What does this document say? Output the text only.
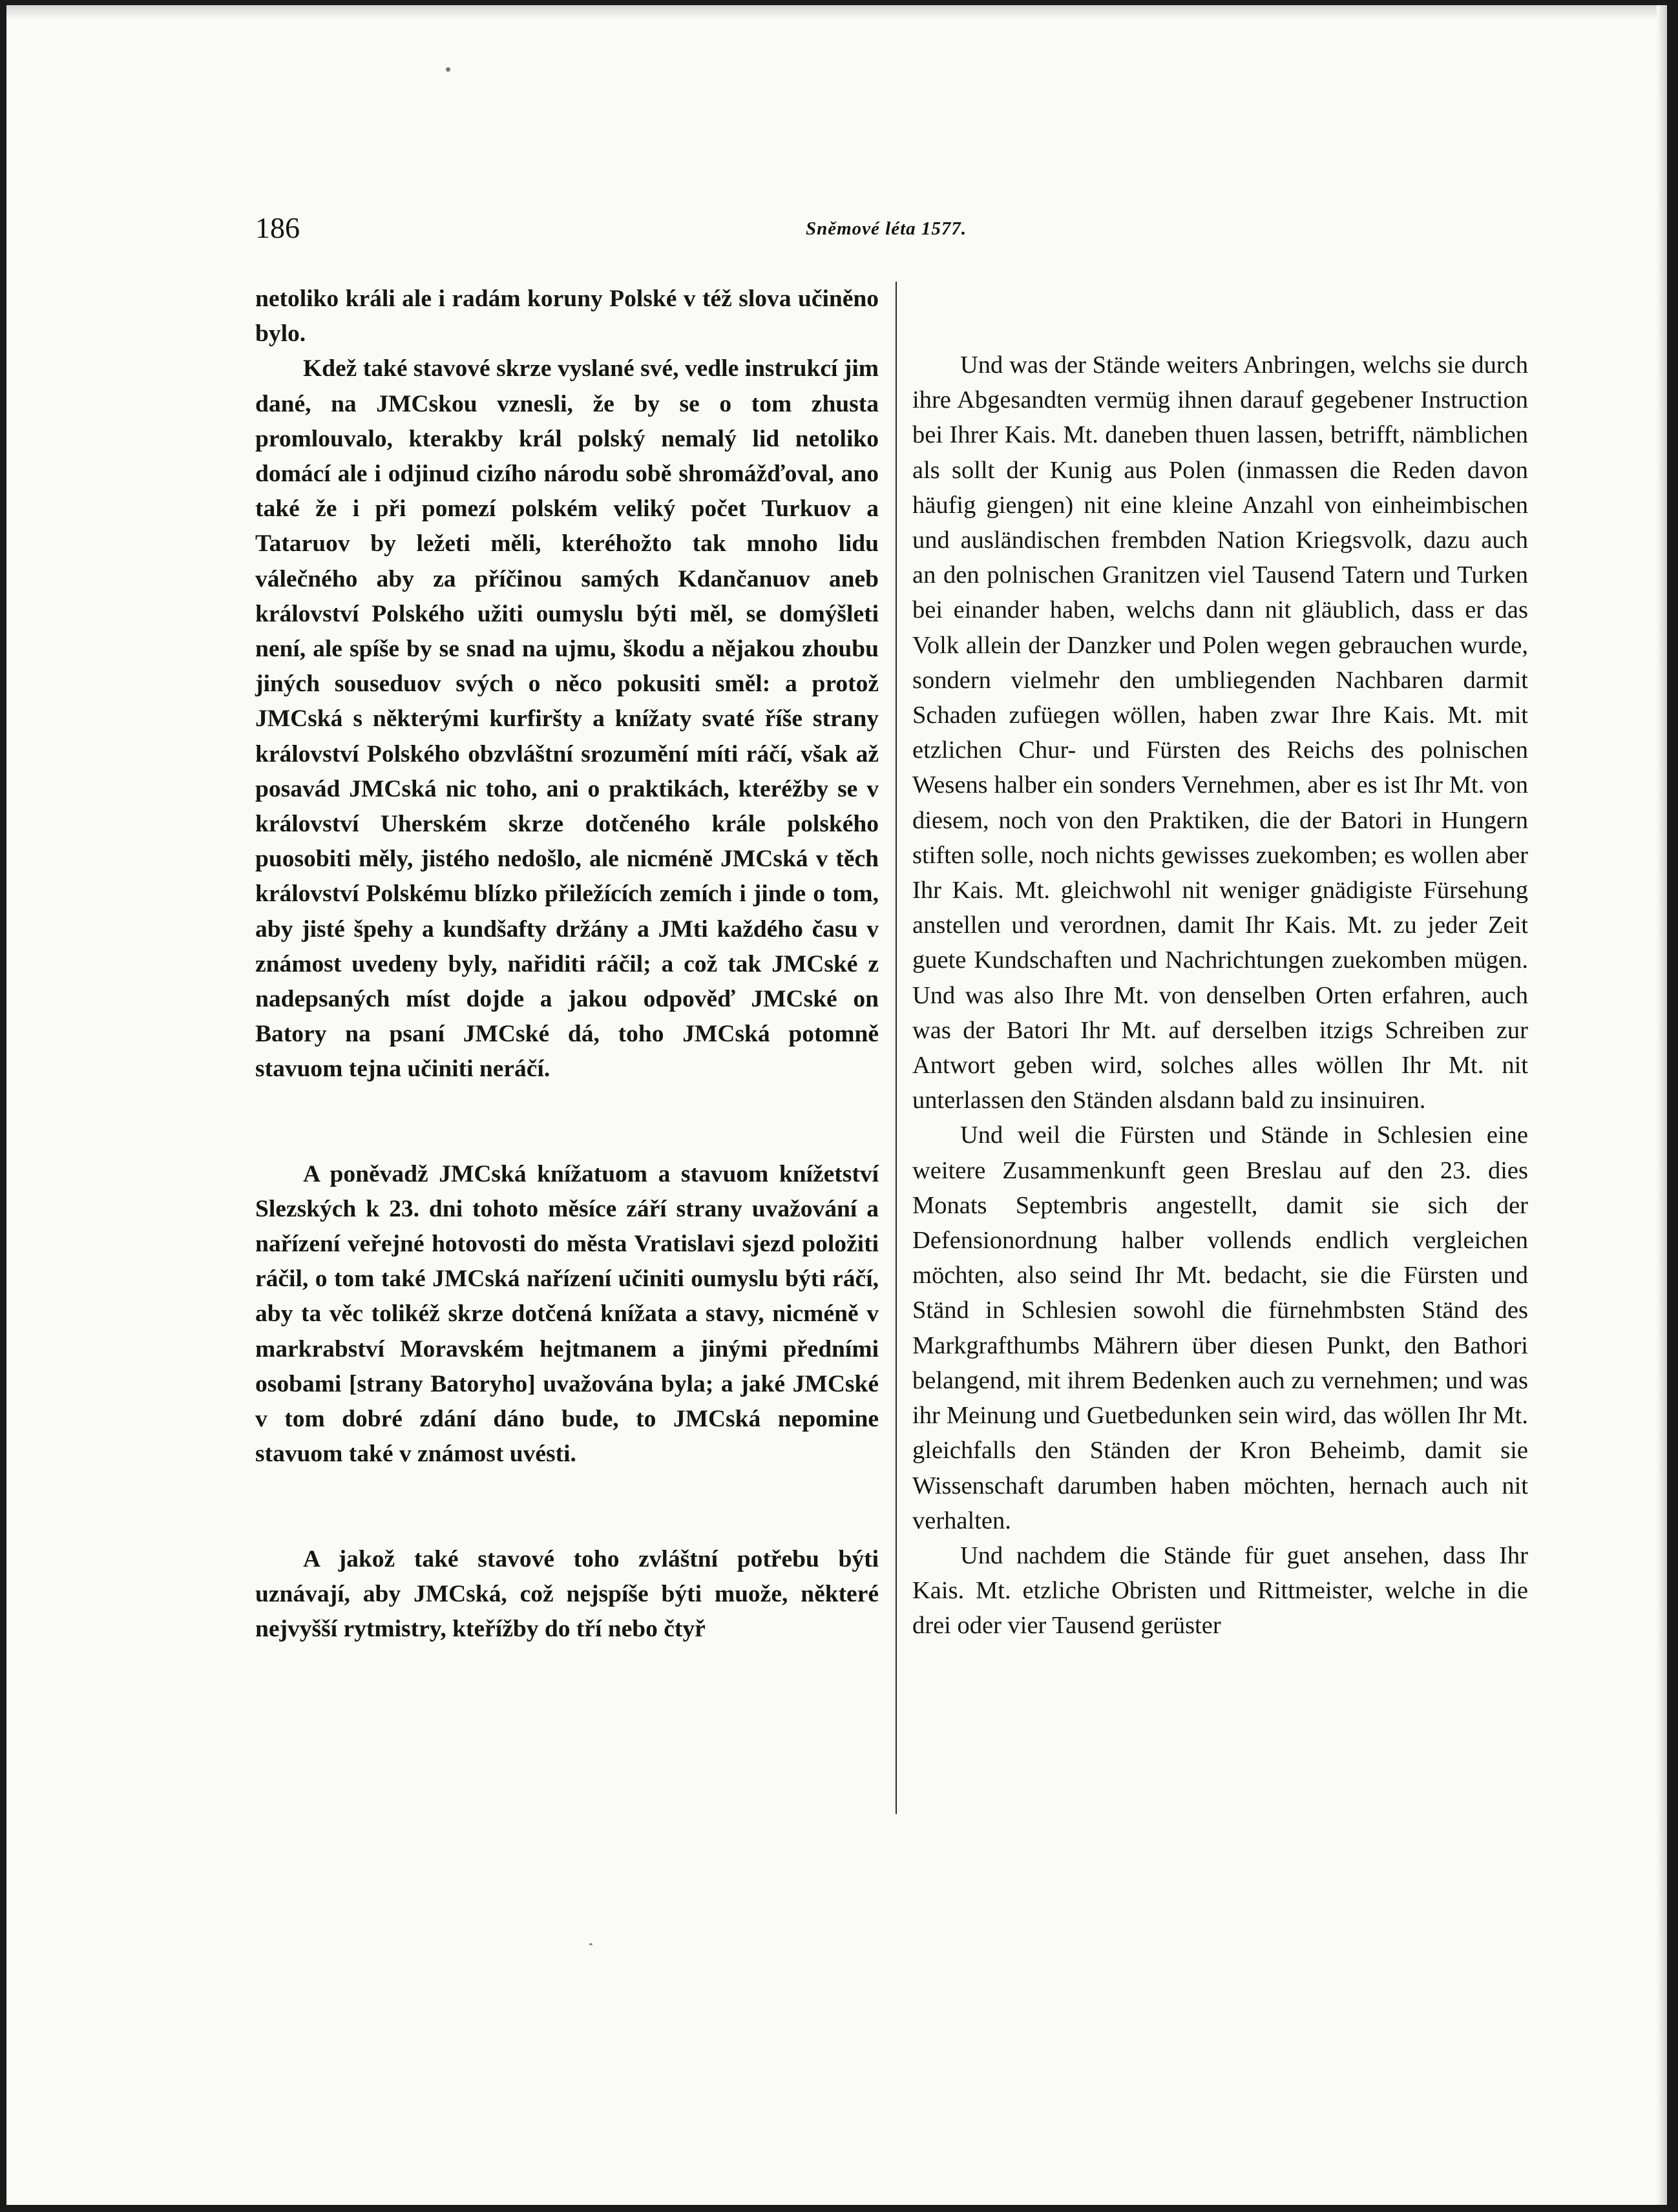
186	Sněmové léta 1577.

netoliko králi ale i radám koruny Polské v též slova učiněno bylo.

Kdež také stavové skrze vyslané své, vedle instrukcí jim dané, na JMCskou vznesli, že by se o tom zhusta promlouvalo, kterakby král polský nemalý lid netoliko domácí ale i odjinud cizího národu sobě shromážďoval, ano také že i při pomezí polském veliký počet Turkuov a Tataruov by ležeti měli, kteréhožto tak mnoho lidu válečného aby za příčinou samých Kdančanuov aneb království Polského užiti oumyslu býti měl, se domýšleti není, ale spíše by se snad na ujmu, škodu a nějakou zhoubu jiných souseduov svých o něco pokusiti směl: a protož JMCská s některými kurfiršty a knížaty svaté říše strany království Polského obzvláštní srozumění míti ráčí, však až posavád JMCská nic toho, ani o praktikách, kteréžby se v království Uherském skrze dotčeného krále polského puosobiti měly, jistého nedošlo, ale nicméně JMCská v těch království Polskému blízko přiležících zemích i jinde o tom, aby jisté špehy a kundšafty držány a JMti každého času v známost uvedeny byly, nařiditi ráčil; a což tak JMCské z nadepsaných míst dojde a jakou odpověď JMCské on Batory na psaní JMCské dá, toho JMCská potomně stavuom tejna učiniti neráčí.

A poněvadž JMCská knížatuom a stavuom knížetství Slezských k 23. dni tohoto měsíce září strany uvažování a nařízení veřejné hotovosti do města Vratislavi sjezd položiti ráčil, o tom také JMCská nařízení učiniti oumyslu býti ráčí, aby ta věc tolikéž skrze dotčená knížata a stavy, nicméně v markrabství Moravském hejtmanem a jinými předními osobami [strany Batoryho] uvažována byla; a jaké JMCské v tom dobré zdání dáno bude, to JMCská nepomine stavuom také v známost uvésti.

A jakož také stavové toho zvláštní potřebu býti uznávají, aby JMCská, což nejspíše býti muože, některé nejvyšší rytmistry, kteřížby do tří nebo čtyř

Und was der Stände weiters Anbringen, welchs sie durch ihre Abgesandten vermüg ihnen darauf gegebener Instruction bei Ihrer Kais. Mt. daneben thuen lassen, betrifft, nämblichen als sollt der Kunig aus Polen (inmassen die Reden davon häufig giengen) nit eine kleine Anzahl von einheimbischen und ausländischen frembden Nation Kriegsvolk, dazu auch an den polnischen Granitzen viel Tausend Tatern und Turken bei einander haben, welchs dann nit gläublich, dass er das Volk allein der Danzker und Polen wegen gebrauchen wurde, sondern vielmehr den umbliegenden Nachbaren darmit Schaden zufüegen wöllen, haben zwar Ihre Kais. Mt. mit etzlichen Chur- und Fürsten des Reichs des polnischen Wesens halber ein sonders Vernehmen, aber es ist Ihr Mt. von diesem, noch von den Praktiken, die der Batori in Hungern stiften solle, noch nichts gewisses zuekomben; es wollen aber Ihr Kais. Mt. gleichwohl nit weniger gnädigiste Fürsehung anstellen und verordnen, damit Ihr Kais. Mt. zu jeder Zeit guete Kundschaften und Nachrichtungen zuekomben mügen. Und was also Ihre Mt. von denselben Orten erfahren, auch was der Batori Ihr Mt. auf derselben itzigs Schreiben zur Antwort geben wird, solches alles wöllen Ihr Mt. nit unterlassen den Ständen alsdann bald zu insinuiren.

Und weil die Fürsten und Stände in Schlesien eine weitere Zusammenkunft geen Breslau auf den 23. dies Monats Septembris angestellt, damit sie sich der Defensionordnung halber vollends endlich vergleichen möchten, also seind Ihr Mt. bedacht, sie die Fürsten und Ständ in Schlesien sowohl die fürnehmbsten Ständ des Markgrafthumbs Mährern über diesen Punkt, den Bathori belangend, mit ihrem Bedenken auch zu vernehmen; und was ihr Meinung und Guetbedunken sein wird, das wöllen Ihr Mt. gleichfalls den Ständen der Kron Beheimb, damit sie Wissenschaft darumben haben möchten, hernach auch nit verhalten.

Und nachdem die Stände für guet ansehen, dass Ihr Kais. Mt. etzliche Obristen und Rittmeister, welche in die drei oder vier Tausend gerüster
